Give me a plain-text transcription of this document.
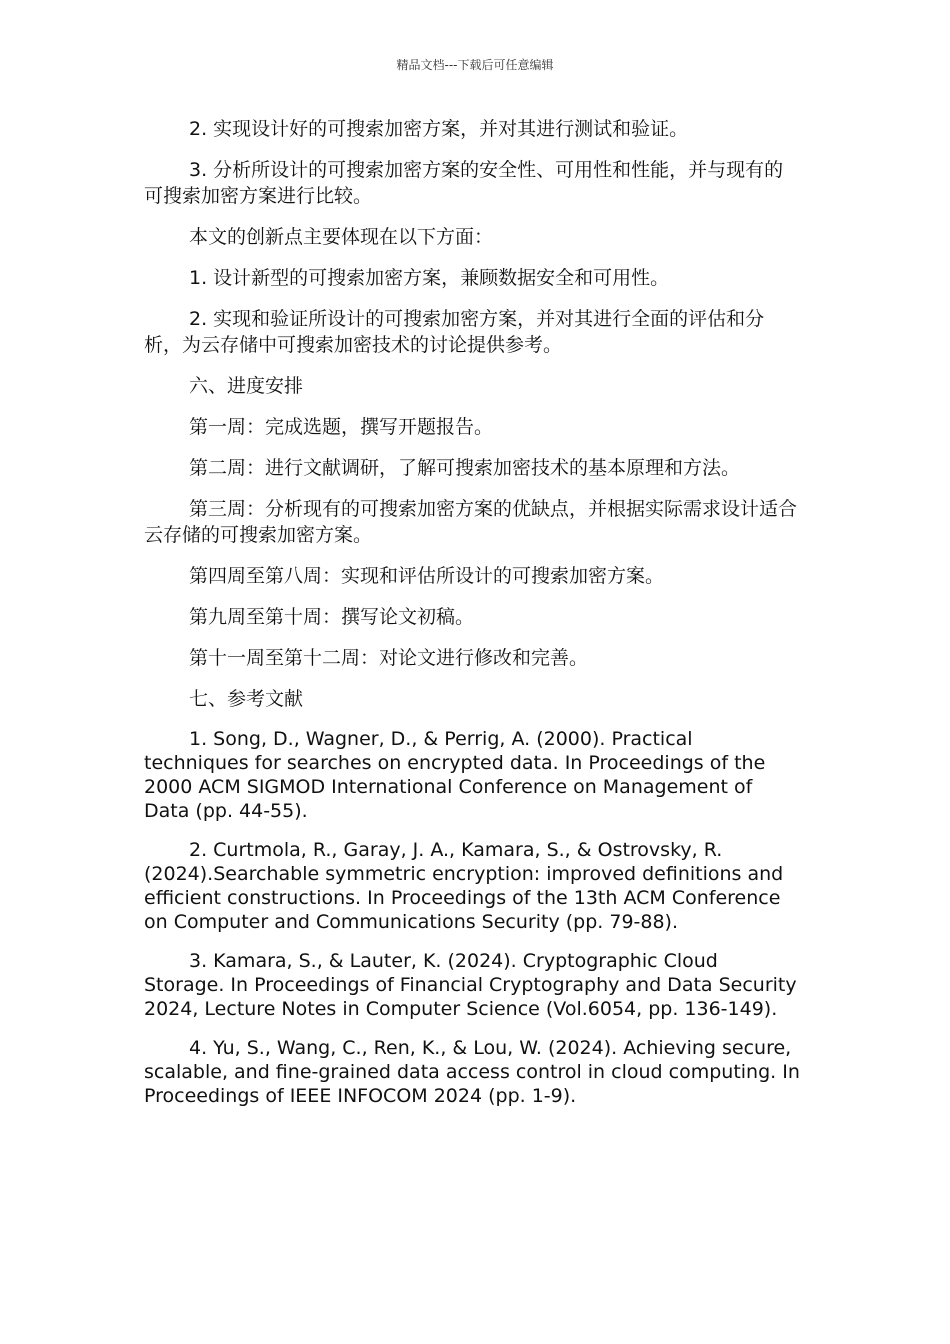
精品文档---下载后可任意编辑

2. 实现设计好的可搜索加密方案，并对其进行测试和验证。

3. 分析所设计的可搜索加密方案的安全性、可用性和性能，并与现有的可搜索加密方案进行比较。

本文的创新点主要体现在以下方面：

1. 设计新型的可搜索加密方案，兼顾数据安全和可用性。

2. 实现和验证所设计的可搜索加密方案，并对其进行全面的评估和分析，为云存储中可搜索加密技术的讨论提供参考。

六、进度安排

第一周：完成选题，撰写开题报告。

第二周：进行文献调研，了解可搜索加密技术的基本原理和方法。

第三周：分析现有的可搜索加密方案的优缺点，并根据实际需求设计适合云存储的可搜索加密方案。

第四周至第八周：实现和评估所设计的可搜索加密方案。

第九周至第十周：撰写论文初稿。

第十一周至第十二周：对论文进行修改和完善。

七、参考文献

1. Song, D., Wagner, D., & Perrig, A. (2000). Practical techniques for searches on encrypted data. In Proceedings of the 2000 ACM SIGMOD International Conference on Management of Data (pp. 44-55).

2. Curtmola, R., Garay, J. A., Kamara, S., & Ostrovsky, R. (2024).Searchable symmetric encryption: improved definitions and efficient constructions. In Proceedings of the 13th ACM Conference on Computer and Communications Security (pp. 79-88).

3. Kamara, S., & Lauter, K. (2024). Cryptographic Cloud Storage. In Proceedings of Financial Cryptography and Data Security 2024, Lecture Notes in Computer Science (Vol.6054, pp. 136-149).

4. Yu, S., Wang, C., Ren, K., & Lou, W. (2024). Achieving secure, scalable, and fine-grained data access control in cloud computing. In Proceedings of IEEE INFOCOM 2024 (pp. 1-9).
